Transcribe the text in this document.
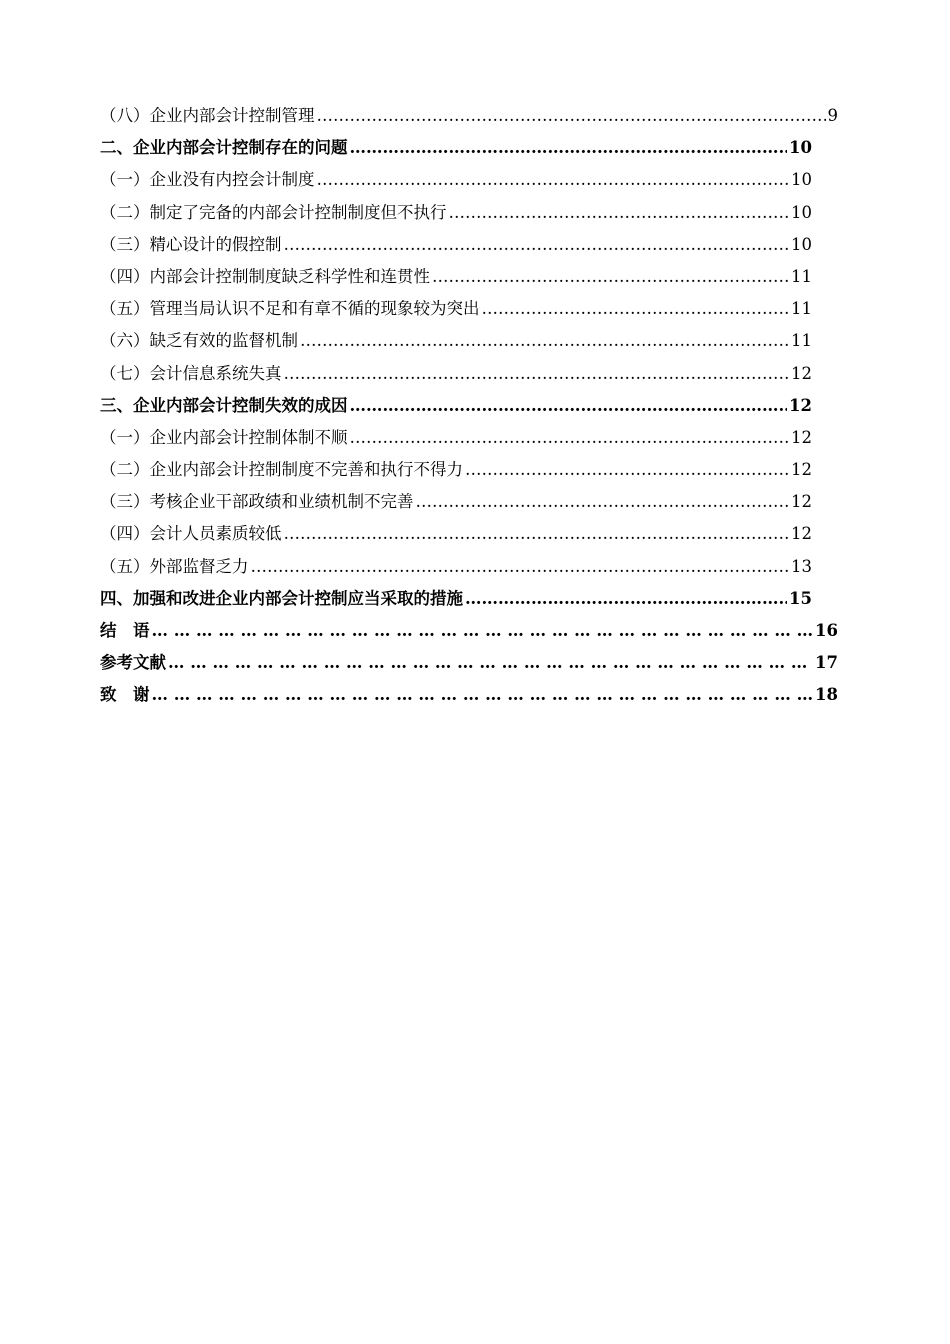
（八）企业内部会计控制管理 ……………………………………………………………………………………………………………………………………………………………………………………………………………………	9
二、企业内部会计控制存在的问题 ……………………………………………………………………………………………………………………………………………………………………………………………………………………	10
（一）企业没有内控会计制度 ……………………………………………………………………………………………………………………………………………………………………………………………………………………	10
（二）制定了完备的内部会计控制制度但不执行 ……………………………………………………………………………………………………………………………………………………………………………………………………………………	10
（三）精心设计的假控制 ……………………………………………………………………………………………………………………………………………………………………………………………………………………	10
（四）内部会计控制制度缺乏科学性和连贯性 ……………………………………………………………………………………………………………………………………………………………………………………………………………………	11
（五）管理当局认识不足和有章不循的现象较为突出 ……………………………………………………………………………………………………………………………………………………………………………………………………………………	11
（六）缺乏有效的监督机制 ……………………………………………………………………………………………………………………………………………………………………………………………………………………	11
（七）会计信息系统失真 ……………………………………………………………………………………………………………………………………………………………………………………………………………………	12
三、企业内部会计控制失效的成因 ……………………………………………………………………………………………………………………………………………………………………………………………………………………	12
（一）企业内部会计控制体制不顺 ……………………………………………………………………………………………………………………………………………………………………………………………………………………	12
（二）企业内部会计控制制度不完善和执行不得力 ……………………………………………………………………………………………………………………………………………………………………………………………………………………	12
（三）考核企业干部政绩和业绩机制不完善 ……………………………………………………………………………………………………………………………………………………………………………………………………………………	12
（四）会计人员素质较低 ……………………………………………………………………………………………………………………………………………………………………………………………………………………	12
（五）外部监督乏力 ……………………………………………………………………………………………………………………………………………………………………………………………………………………	13
四、加强和改进企业内部会计控制应当采取的措施 ……………………………………………………………………………………………………………………………………………………………………………………………………………………	15
结　语 … … … … … … … … … … … … … … … … … … … … … … … … … … … … … … … … … … … … … … … …	16
参考文献 … … … … … … … … … … … … … … … … … … … … … … … … … … … … … … … … … … … … … … … …	17
致　谢 … … … … … … … … … … … … … … … … … … … … … … … … … … … … … … … … … … … … … … … …	18
